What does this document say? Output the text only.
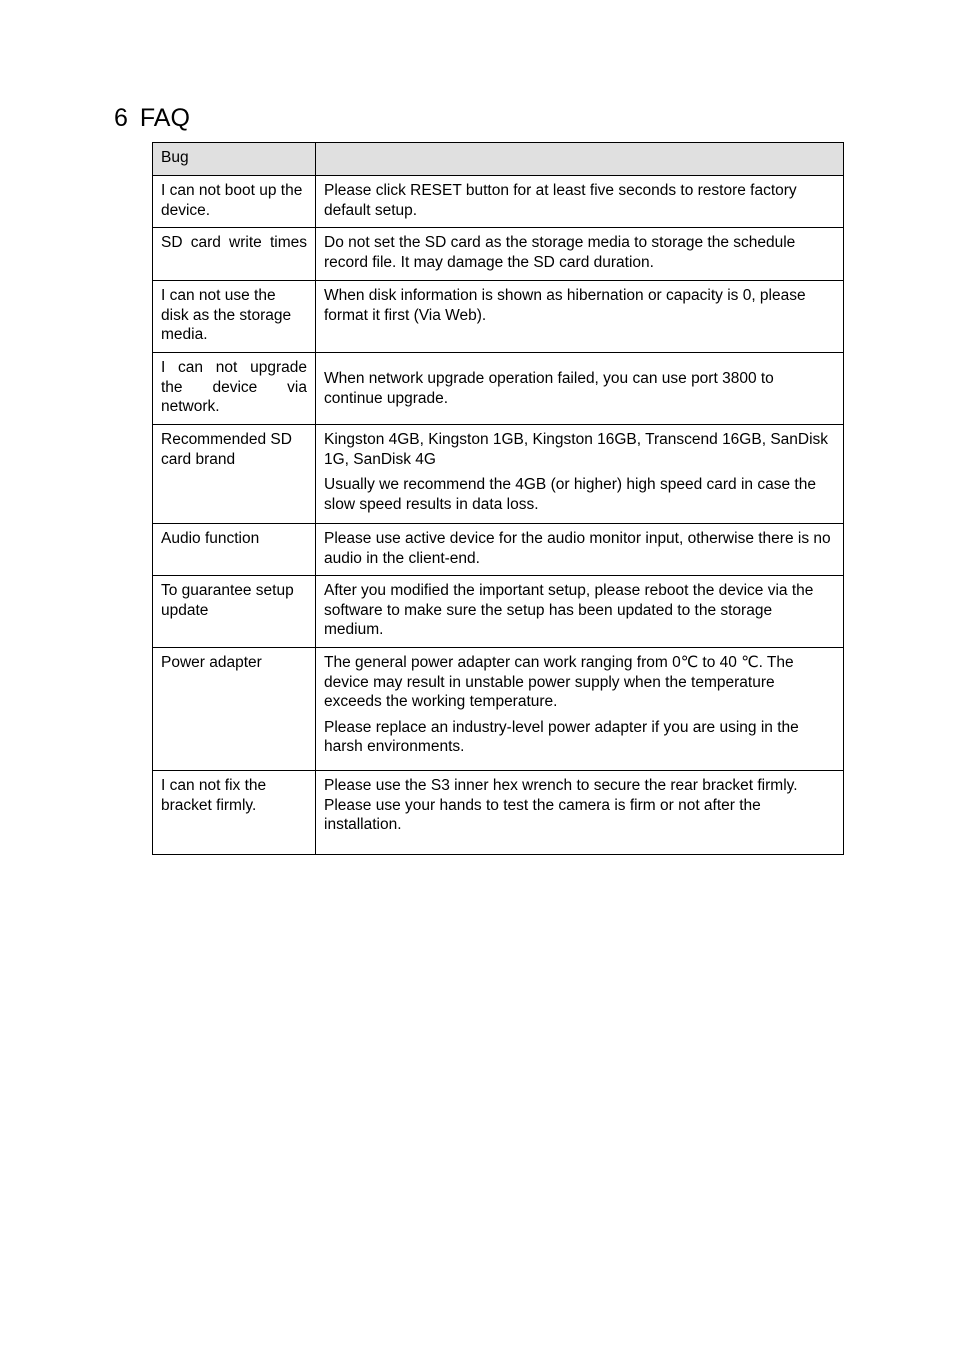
6 FAQ
Bug	
I can not boot up the device.	Please click RESET button for at least five seconds to restore factory default setup.

SD card write times	Do not set the SD card as the storage media to storage the schedule record file. It may damage the SD card duration.

I can not use the disk as the storage media.	When disk information is shown as hibernation or capacity is 0, please format it first (Via Web).

I can not upgrade the device via network.	When network upgrade operation failed, you can use port 3800 to continue upgrade.

Recommended SD card brand	Kingston 4GB, Kingston 1GB, Kingston 16GB, Transcend 16GB, SanDisk 1G, SanDisk 4G

Usually we recommend the 4GB (or higher) high speed card in case the slow speed results in data loss.

Audio function	Please use active device for the audio monitor input, otherwise there is no audio in the client-end.

To guarantee setup update	After you modified the important setup, please reboot the device via the software to make sure the setup has been updated to the storage medium.

Power adapter	The general power adapter can work ranging from 0℃ to 40 ℃. The device may result in unstable power supply when the temperature exceeds the working temperature.

Please replace an industry-level power adapter if you are using in the harsh environments.

I can not fix the bracket firmly.	Please use the S3 inner hex wrench to secure the rear bracket firmly. Please use your hands to test the camera is firm or not after the installation.
